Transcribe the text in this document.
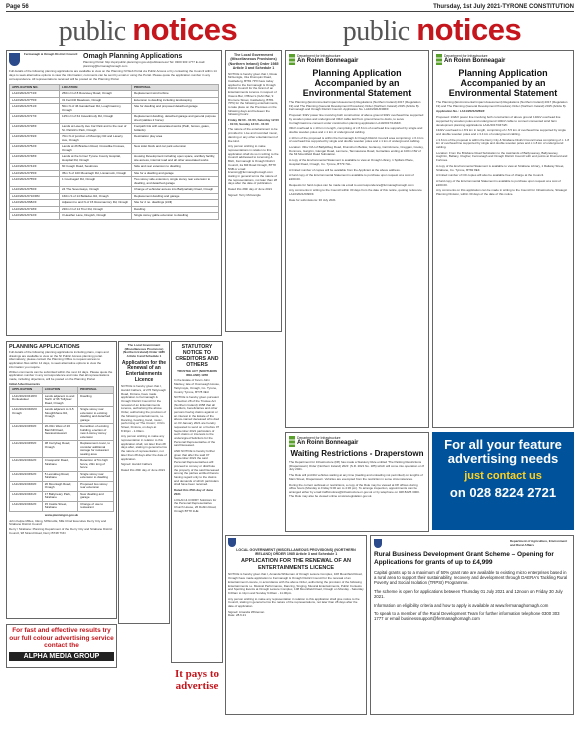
Page 56	Thursday, 1st July 2021-TYRONE CONSTITUTION
public notices	public notices
Fermanagh & Omagh District Council Omagh Planning Applications
Planning Portal: http://epicpublic.planningni.gov.uk/publicaccess/ Tel: 0300 303 1777 E-mail: planning@fermanaghomagh.com
Full details of the following planning applications are available to view on the Planning NI Web Portal via Public Access or by contacting the Council within 14 days to seek alternative options to view the information; comments can be sent by email or using the Portal. Please quote the application number in any correspondence. All representations received will be posted on the Planning Portal.
APPLICATION NO.	LOCATION	PROPOSAL
LA10/2021/0774/F	250m N of 8 Roscavey Road, Omagh	Replacement wind turbine
LA10/2021/0775/F	31 Fernhill Meadows, Omagh	Extension to dwelling including landscaping
LA10/2021/0761/F	50m N of 46 Ganderhear Rd, Loughmacrory, Omagh	Site for dwelling and proposed detached garage
LA10/2021/0727/F	125m N of 64 Cavanbrody Rd, Omagh	Replacement dwelling, detached garage and general purpose shed (stables 2 horse)
LA10/2021/0728/F	Lands at Laverty Ave Car Park and to the rear of St. Patrick's Park, Omagh	Footpath link with associated works (Path, fences, gates, bollards)
LA10/2021/0749/F	70m N of junction of Mountjoy Rd and Laverty Ave, Omagh	Destination play area
LA10/2021/0752/F	Lands at 26 Bracken Road, Crossdike Frosses, Omagh	New toilet block and car park extension
LA10/2021/0748/F	Lands at the former Tyrone County Hospital, Hospital Rd, Omagh	Housing Development including open space, ancillary facility, site access, internal road and all other associated works
LA10/2021/0744/F	60 Coagh Road, Seskinore	Side and rear extension to dwelling
LA10/2021/0735/F	35m S of 100 Mountagh Rd, Lisnamuck, Omagh	Site for a dwelling and garage
LA10/2021/0755/F	1 Coolnagarl Rd, Omagh	Two storey side extension, single storey rear extension to dwelling, and detached garage
LA10/2021/0756/F	24 The Sevenways, Omagh	Change of vehicular access into Ballynahatty Road, Omagh
LA10/2021/0710/RM	160m S of 14 Belladoo Rd, Omagh	Replacement dwelling and garage
LA10/2021/0682/F	Adjacent to and N of 15 Rossmacrory Rd, Omagh	Site for 2 no. dwellings (infill)
LA10/2021/0718/F	230m N of 14 Tirur Rd, Omagh	Dwelling
LA10/2021/0722/F	3 Heather Lane, Dregish, Omagh	Single storey gable extension to dwelling
PLANNING APPLICATIONS
Full details of the following planning applications including plans, maps and drawings are available to view on the NI Public Access planning portal. Alternatively, please contact the Planning Office to request access to application files within 14 days, to seek alternative options to view the information you require.
Written comments can be submitted within the next 14 days. Please quote the application number in any correspondence and note that all representations made, including objections, will be posted on the Planning Portal.
Initial Advertisements
APPLICATION	LOCATION	PROPOSAL
LA11/2021/0418/O Dunleekdeer	Lands adjacent to and North of 96 Tullyleer Road, Omagh	Dwelling
LA11/2021/0406/O Omagh	Lands adjacent to 3-5 Sloughbhane Rd, Omagh	Single storey rear extension to existing dwelling and detached garage
LA11/2021/0450/F	26-30m West of 26 Barnhill Road, Newtownstewart	Demolition of existing building, erection of new 2-storey storey extension
LA11/2021/0456/F	38 Carrybeg Road, Omagh	Replacement cover, to consider additional storage for restaurant seating area
LA11/2021/0402/F	Crosspatric Road, Strabane	Retention of 5m high fence, 20m long of fence
LA11/2021/0452/F	5 Lesnabeg Road, Strabane	Single storey rear extension to dwelling
LA11/2021/0460/F	20 Mountagh Road, Omagh	Proposed two storey rear extension
LA11/2021/0461/F	17 Ballyneary Park, Strabane	New dwelling and garage
LA11/2021/0462/F	15 Castle Street, Strabane	Change of use to restaurant
www.planningni.gov.uk
John Kelpie MRes, CEng, MIStructE, MIE Chief Executive Derry City and Strabane District Council
Derry / Strabane: Planning Department of the Derry City and Strabane District Council, 98 Strand Road, Derry BT48 7NN
For fast and effective results try our full colour advertising service contact the
ALPHA MEDIA GROUP
The Local Government (Miscellaneous Provisions) (Northern Ireland) Order 1985 Article 3 and Schedule 1
NOTICE is hereby given that I, Rosie McGonigle, 31a Drumquin Road, Castlederg, BT81 7PX have today applied to the Fermanagh & Omagh District Council for the Grant of an Entertainments Licence in respect of Owens Bar, O'Brien's (GAC Bar, 9 Dromore Street, Castlederg, BT81 7PN) for the following entertainments, to take place on the Premises on the following days and between the following hours:
Friday 09:00 - 01:00, Saturday 12:00 - 01:00, Sunday 12:00 - 01:00
The nature of the entertainment to be provided is: Live and recorded music, dancing or any other entertainment of like kind.
Any person wishing to make representations in relation to this application shall do so in writing to the Council addressed to Licensing & B&C, Fermanagh & Omagh District Council, 2a Mill Road Omagh, BT78 5NB or email licensing@fermanaghomagh.com stating in general terms the nature of the representations, not later than 28 days after the date of publication.
Dated this 29th day of June 2021
Signed: Terry McGonigle
The Local Government (Miscellaneous Provisions) (Northern Ireland) Order 1985 Article 3 and Schedule 1
Application for the Renewal of an Entertainments Licence
NOTICE is hereby given that I, Harold Cathers, of 276 Tattyreagh Road, Fintona, have made application to Fermanagh & Omagh District Council for the renewal of an Entertainments Licence, authorising the above Order, authorising the provision of the following entertainments, i.e. Dancing, bowling, band, music, performing at 'The Crown', 3 Kiln Street, Fintona, on days at 8.30pm - 1.00am.
Any person wishing to make any representation in relation to this application shall, not later than 28 days after, stating in general terms the nature of representation, not later than 28 days after the date of application.
Signed: Harold Cathers
Dated this 29th day of June 2021
STATUTORY NOTICE TO CREDITORS AND OTHERS
TRUSTEE ACT (NORTHERN IRELAND) 1958
In the Estate of Kevin John Mackey, late of Overseagh House, Tattymoyle, Omagh, Co. Tyrone, County Tyrone, BT78 3EU
NOTICE is hereby given pursuant to Section 28 of the Trustee Act (Northern Ireland) 1958 that all creditors, beneficiaries and other persons having claims against or an interest in the Estate of the above-named deceased who died on 03 January 2021 are hereby requested to send on or before 07 September 2021 particulars of such claims or interests to the undersigned Solicitors for the Personal Representative of the said Deceased.
AND NOTICE is hereby further given that after the said 07 September 2021 the said Personal Representatives will proceed to convey or distribute the property of the said Deceased among the parties entitled thereto having regard only to the claims and demands of which particulars shall have been received.
Dated this 25th day of June 2021
LOGAN & CORRY Solicitors for the Personal Representative Church House, 26 Dublin Road, Omagh BT78 1HE
It pays to
advertise
LOCAL GOVERNMENT (MISCELLANEOUS PROVISIONS) (NORTHERN IRELAND) ORDER 1985 Article 3 and Schedule 1
APPLICATION FOR THE RENEWAL OF AN ENTERTAINMENTS LICENCE
NOTICE is hereby given that I, Amanda Whiteman of Omagh Leisure Complex, 108 Mountfield Road, Omagh have made application to Fermanagh & Omagh District Council for the renewal of an Entertainment Licence, in accordance with the above Order, authorising the provision of the following Entertainments i.e. Musical Performance, Dancing, Singing, Musical Entertainments, Public Contests and Sporting Events at Omagh Leisure Complex, 108 Mountfield Road, Omagh on Monday - Saturday 9.00am to 11pm and Sunday 9.00am - 11.00pm.
Any person wishing to make any representation in relation to this application shall give notice to the Council, stating in general terms the nature of the representations, not later than 28 days after the date of application.
Signed: Amanda Whiteman
Date: 28.6.21
Department for Infrastructure
An Roinn Bonneagair
Planning Application Accompanied by an Environmental Statement
The Planning (Environmental Impact Assessment) Regulations (Northern Ireland) 2017 (Regulation 19) and The Planning (General Development Procedure) Order (Northern Ireland) 2015 (Article 8). Fermanagh and Omagh District Council. Application No. LA10/2021/0396/F
Proposal: 33kV power line involving both construction of above ground 33kV overhead line supported by wooden poles and underground 33kV cable laid from ground level to ducts, to serve Curraghmacrone consent under construction planning application LA10/2017/1164/F.
33kV overhead is c.10 km in length, comprising of c.8.6 km of overhead line supported by single and double wooden poles and c.1 km of underground cabling.
c.10 km of the proposed is within the Fermanagh & Omagh District Council area comprising: c.6.4 km of overhead line supported by single and double wooden poles and c.1 km of underground cabling.
Location: 33kv O/H of Ballykilbeg Road, Drumshorn Bellow, Gortavoy, Carrickmore, Creggan, Cooley, Dunmore, Gargrim, Glengar Road, Lanmore, Tamnascane Road, Gortaclare ending at 100m NW of the Mt Mountfield Road Substation.
A copy of the Environmental Statement is available to view at Omagh Library, 1 Spillars Place, Hospital Road, Omagh, Co. Tyrone, BT79 7HL.
A limited number of copies will be available from the Applicant at the above address.
A hard copy of the Environmental Statement is available to purchase upon request at a cost of £200.00.
Requests for hard copies can be made via email to ecorrespondence@fermanaghomagh.com
Any comments in writing to the Council within 30 days from the date of this notice, quoting reference LA10/2021/0396/F.
Date for submissions: 30 July 2021
Department for Infrastructure
An Roinn Bonneagair
Waiting Restrictions - Draperstown
The Department for Infrastructure (DfI) has made a Statutory Rule entitled 'The Parking Restrictions (Draperstown) Order (Northern Ireland) 2021' (S.R. 2021 No. 185) which will come into operation on 8 July 2021.
The Rule will prohibit vehicles waiting at any time (loading and unloading not permitted) on lengths of Main Street, Draperstown. Vehicles are exempted from the restriction in some circumstances.
During the current outbreak or restrictions, a copy of the Rule may be viewed at DfI offices during office hours (Monday to Friday 9:00 am to 4:30 pm). To arrange inspection, appointments can be arranged either by email trafficnotices@infrastructure-ni.gov.uk or by telephone on 028 8225 3000. The Rule may also be viewed online at www.legislation.gov.uk.
Department for Infrastructure
An Roinn Bonneagair
Planning Application Accompanied by an Environmental Statement
The Planning (Environmental Impact Assessment) Regulations (Northern Ireland) 2017 (Regulation 19) and The Planning (General Development Procedure) Order (Northern Ireland) 2015 (Article 8).
Application No.: LA11/2021/0269/F
Proposed: 132kV power line involving both construction of above ground 132kV overhead line supported by wooden poles and underground 132kV cable to connect consented wind farm development planning applications LA11/2017/0474/F.
132kV overhead is c.8.9 km in length, comprising of c.5.5 km of overhead line supported by single and double wooden poles and c.3.4 km of underground cabling.
c.3.6 km of the proposal is within the Derry City & Strabane District Council area comprising of c. 1.8 km of overhead line supported by single and double wooden poles and c.1.8 km of underground cabling.
Location: From the Brisbane Road Substation to the townlands of Ballyneaney, Ballyneaney, Aughrim, Bellany, Clogher, Fermanagh and Omagh District Council with end points at Drumard and Fortroes.
A copy of the Environmental Statement is available to view at Strabane Library, 1 Railway Street, Strabane, Co. Tyrone, BT82 8EF.
A limited number of CD copies will also be available free of charge at the Council.
A hard copy of the Environmental Statement is available to purchase upon request at a cost of £200.00.
Any comments on this application can be made in writing to the Council for Infrastructure, Strategic Planning Division, within 30 days of the date of this notice.
For all your feature advertising needs
just contact us
on 028 8224 2721
Department of Agriculture, Environment and Rural Affairs
Rural Business Development Grant Scheme – Opening for Applications for grants of up to £4,999
Capital grants up to a maximum of 50% grant rate are available to existing micro enterprises based in a rural area to support their sustainability, recovery and development through DAERA's Tackling Rural Poverty and Social Isolation (TRPSI) Programme.
The scheme is open for applications between Thursday 01 July 2021 and 12noon on Friday 30 July 2021.
Information on eligibility criteria and how to apply is available at www.fermanaghomagh.com
To speak to a member of the Rural Development Team for further information telephone 0300 303 1777 or email businesssupport@fermanaghomagh.com
